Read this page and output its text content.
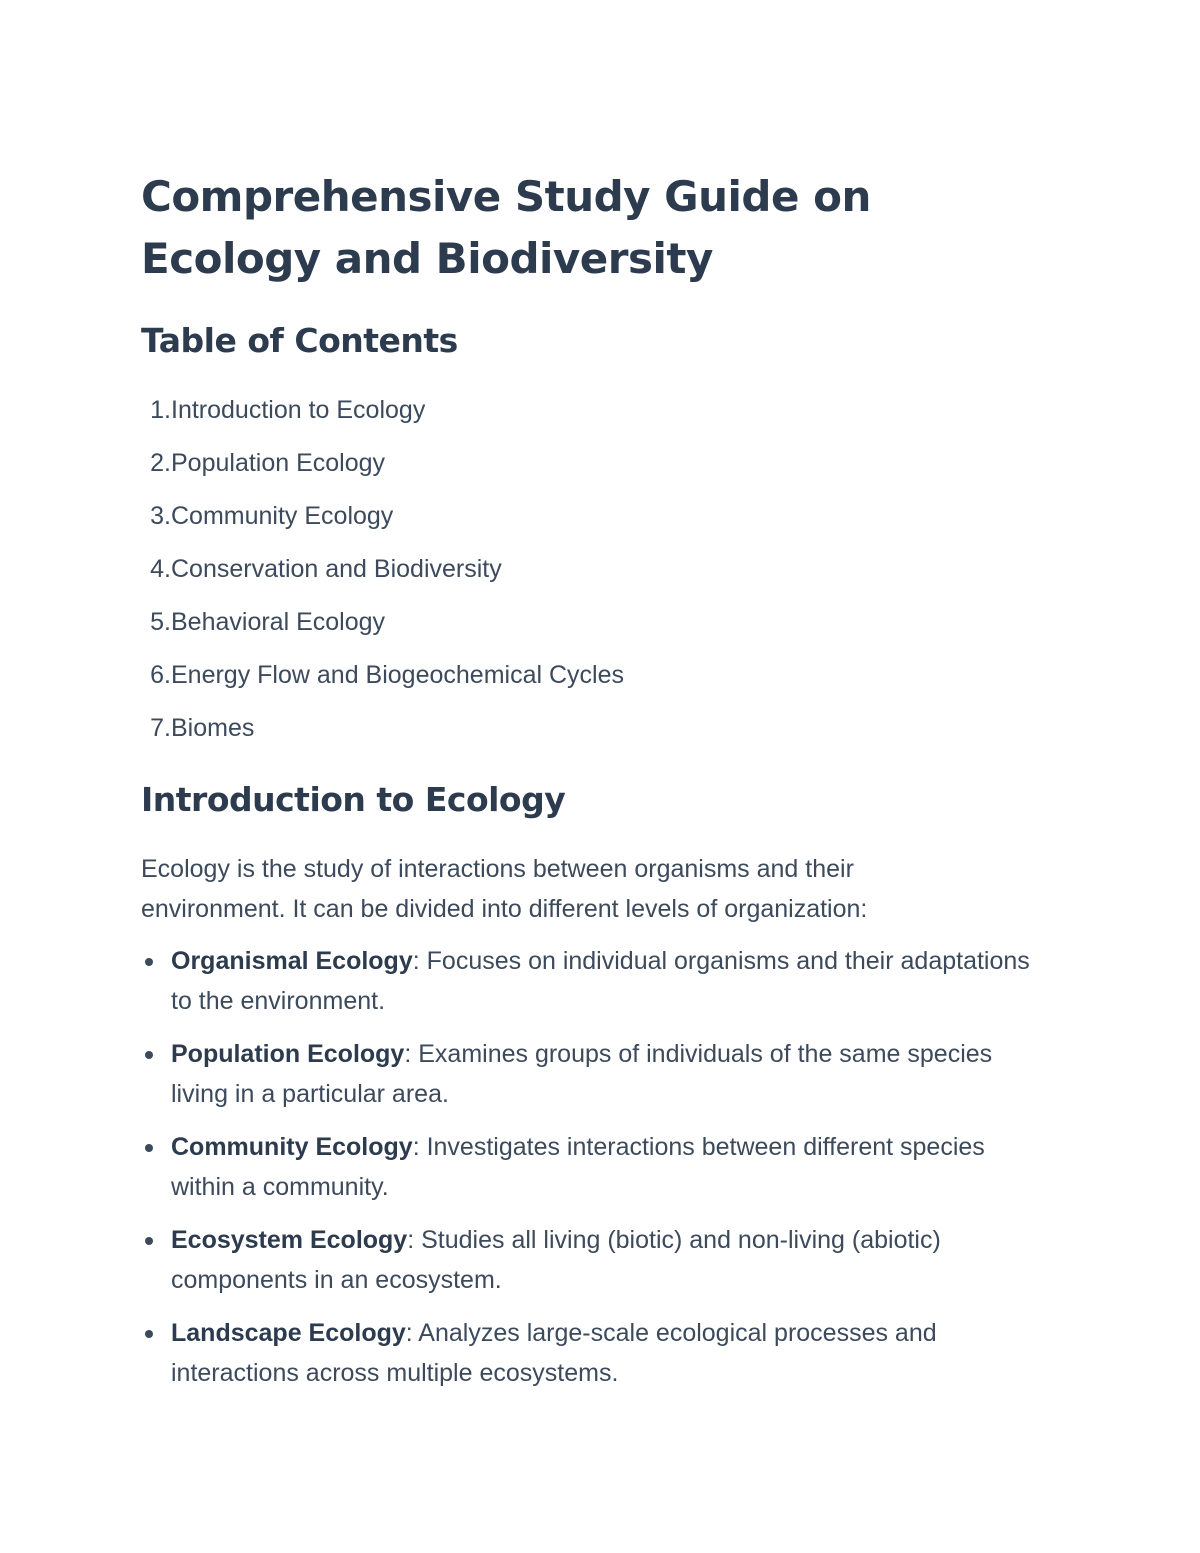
Comprehensive Study Guide on
Ecology and Biodiversity
Table of Contents
1. Introduction to Ecology
2. Population Ecology
3. Community Ecology
4. Conservation and Biodiversity
5. Behavioral Ecology
6. Energy Flow and Biogeochemical Cycles
7. Biomes
Introduction to Ecology

Ecology is the study of interactions between organisms and their environment. It can be divided into different levels of organization:

Organismal Ecology: Focuses on individual organisms and their adaptations to the environment.
Population Ecology: Examines groups of individuals of the same species living in a particular area.
Community Ecology: Investigates interactions between different species within a community.
Ecosystem Ecology: Studies all living (biotic) and non-living (abiotic) components in an ecosystem.
Landscape Ecology: Analyzes large-scale ecological processes and interactions across multiple ecosystems.
